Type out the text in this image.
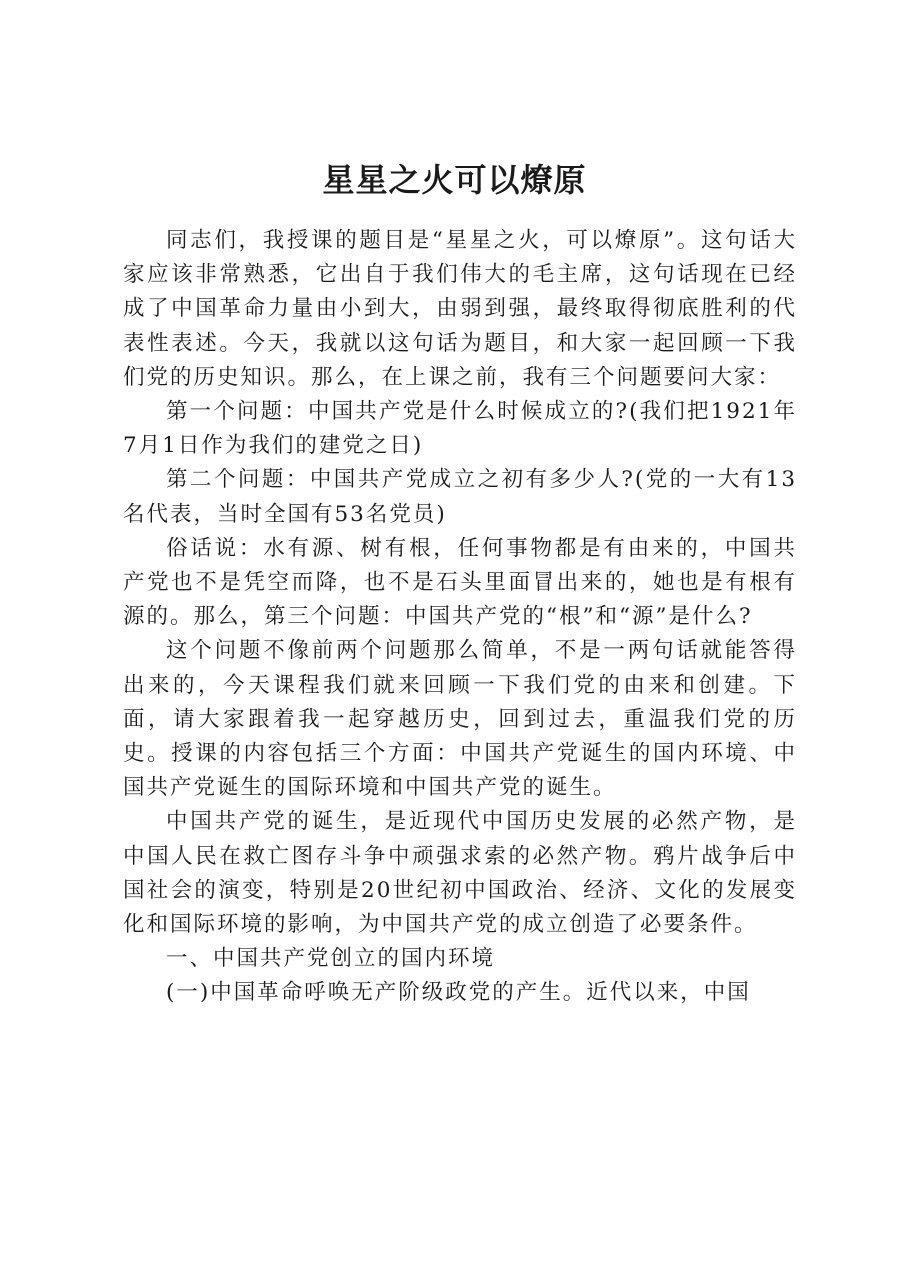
星星之火可以燎原

同志们，我授课的题目是“星星之火，可以燎原”。这句话大家应该非常熟悉，它出自于我们伟大的毛主席，这句话现在已经成了中国革命力量由小到大，由弱到强，最终取得彻底胜利的代表性表述。今天，我就以这句话为题目，和大家一起回顾一下我们党的历史知识。那么，在上课之前，我有三个问题要问大家：

第一个问题：中国共产党是什么时候成立的?(我们把1921年7月1日作为我们的建党之日)

第二个问题：中国共产党成立之初有多少人?(党的一大有13名代表，当时全国有53名党员)

俗话说：水有源、树有根，任何事物都是有由来的，中国共产党也不是凭空而降，也不是石头里面冒出来的，她也是有根有源的。那么，第三个问题：中国共产党的“根”和“源”是什么?

这个问题不像前两个问题那么简单，不是一两句话就能答得出来的，今天课程我们就来回顾一下我们党的由来和创建。下面，请大家跟着我一起穿越历史，回到过去，重温我们党的历史。授课的内容包括三个方面：中国共产党诞生的国内环境、中国共产党诞生的国际环境和中国共产党的诞生。

中国共产党的诞生，是近现代中国历史发展的必然产物，是中国人民在救亡图存斗争中顽强求索的必然产物。鸦片战争后中国社会的演变，特别是20世纪初中国政治、经济、文化的发展变化和国际环境的影响，为中国共产党的成立创造了必要条件。

一、中国共产党创立的国内环境

(一)中国革命呼唤无产阶级政党的产生。近代以来，中国
